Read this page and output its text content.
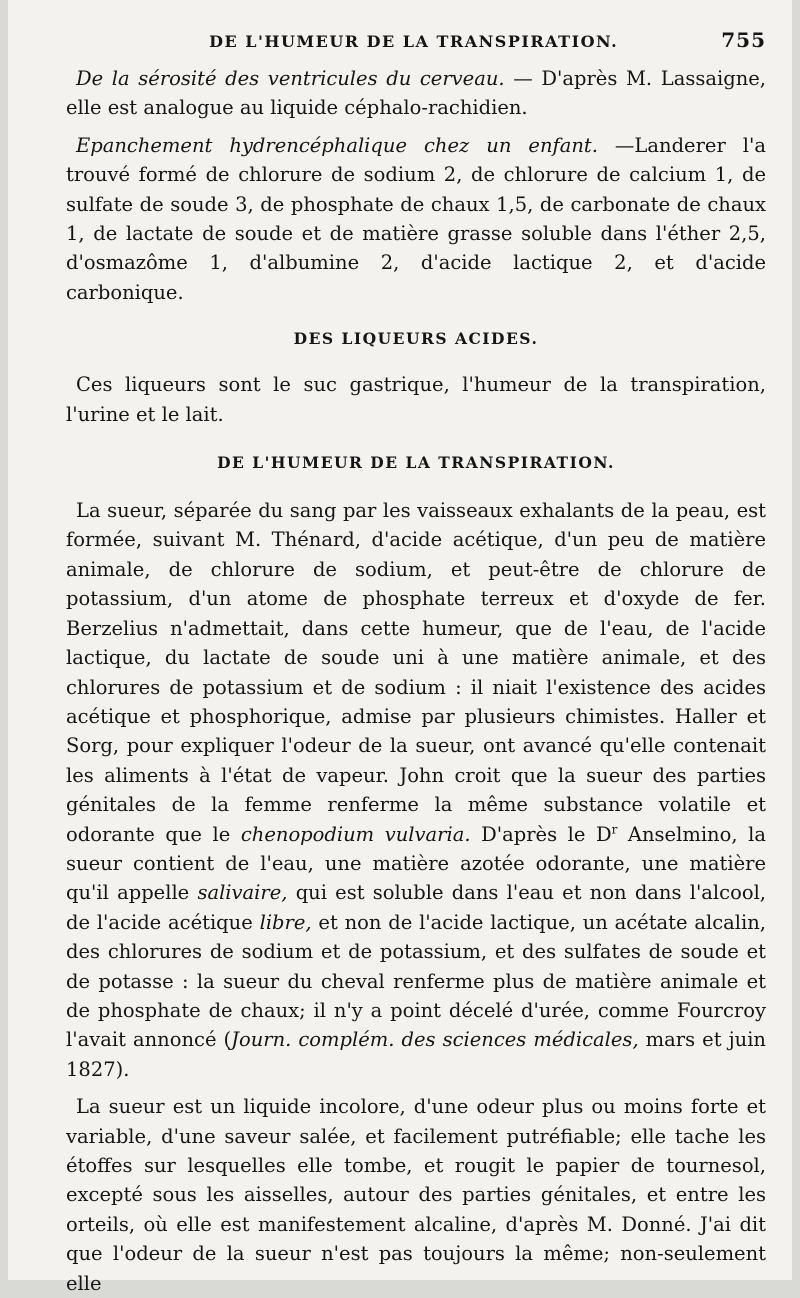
DE L'HUMEUR DE LA TRANSPIRATION.	755

De la sérosité des ventricules du cerveau. — D'après M. Lassaigne, elle est analogue au liquide céphalo-rachidien.

Epanchement hydrencéphalique chez un enfant. —Landerer l'a trouvé formé de chlorure de sodium 2, de chlorure de calcium 1, de sulfate de soude 3, de phosphate de chaux 1,5, de carbonate de chaux 1, de lactate de soude et de matière grasse soluble dans l'éther 2,5, d'osmazôme 1, d'albumine 2, d'acide lactique 2, et d'acide carbonique.

DES LIQUEURS ACIDES.

Ces liqueurs sont le suc gastrique, l'humeur de la transpiration, l'urine et le lait.

DE L'HUMEUR DE LA TRANSPIRATION.

La sueur, séparée du sang par les vaisseaux exhalants de la peau, est formée, suivant M. Thénard, d'acide acétique, d'un peu de matière animale, de chlorure de sodium, et peut-être de chlorure de potassium, d'un atome de phosphate terreux et d'oxyde de fer. Berzelius n'admettait, dans cette humeur, que de l'eau, de l'acide lactique, du lactate de soude uni à une matière animale, et des chlorures de potassium et de sodium : il niait l'existence des acides acétique et phosphorique, admise par plusieurs chimistes. Haller et Sorg, pour expliquer l'odeur de la sueur, ont avancé qu'elle contenait les aliments à l'état de vapeur. John croit que la sueur des parties génitales de la femme renferme la même substance volatile et odorante que le chenopodium vulvaria. D'après le $D^r$ Anselmino, la sueur contient de l'eau, une matière azotée odorante, une matière qu'il appelle salivaire, qui est soluble dans l'eau et non dans l'alcool, de l'acide acétique libre, et non de l'acide lactique, un acétate alcalin, des chlorures de sodium et de potassium, et des sulfates de soude et de potasse : la sueur du cheval renferme plus de matière animale et de phosphate de chaux; il n'y a point décelé d'urée, comme Fourcroy l'avait annoncé (Journ. complém. des sciences médicales, mars et juin 1827).

La sueur est un liquide incolore, d'une odeur plus ou moins forte et variable, d'une saveur salée, et facilement putréfiable; elle tache les étoffes sur lesquelles elle tombe, et rougit le papier de tournesol, excepté sous les aisselles, autour des parties génitales, et entre les orteils, où elle est manifestement alcaline, d'après M. Donné. J'ai dit que l'odeur de la sueur n'est pas toujours la même; non-seulement elle
